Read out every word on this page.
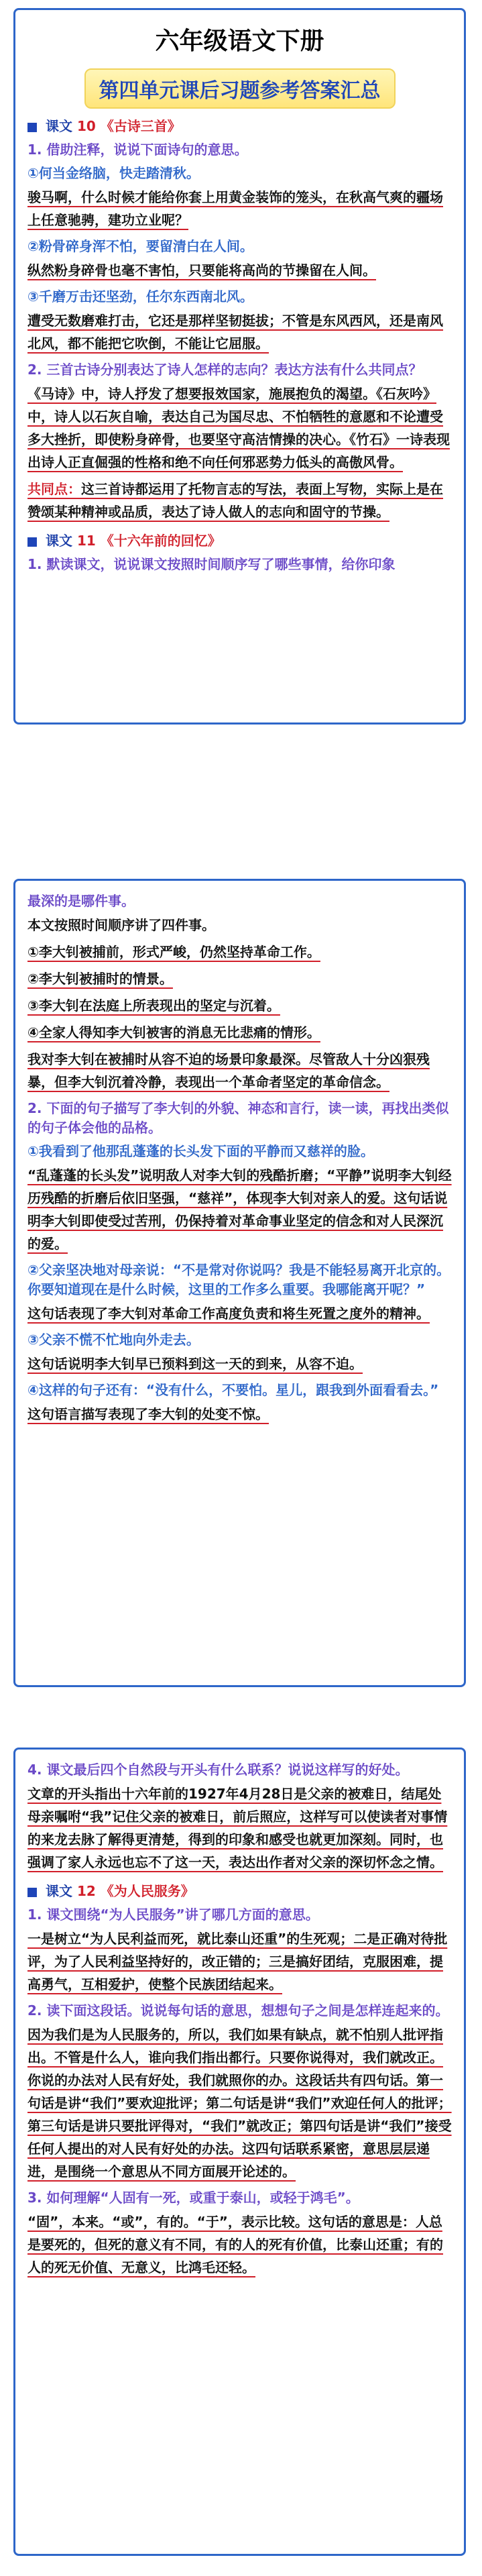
六年级语文下册
第四单元课后习题参考答案汇总
课文 10 《古诗三首》
1. 借助注释，说说下面诗句的意思。
①何当金络脑，快走踏清秋。
骏马啊，什么时候才能给你套上用黄金装饰的笼头，在秋高气爽的疆场上任意驰骋，建功立业呢？
②粉骨碎身浑不怕，要留清白在人间。
纵然粉身碎骨也毫不害怕，只要能将高尚的节操留在人间。
③千磨万击还坚劲，任尔东西南北风。
遭受无数磨难打击，它还是那样坚韧挺拔；不管是东风西风，还是南风北风，都不能把它吹倒，不能让它屈服。
2. 三首古诗分别表达了诗人怎样的志向？表达方法有什么共同点？
《马诗》中，诗人抒发了想要报效国家，施展抱负的渴望。《石灰吟》中，诗人以石灰自喻，表达自己为国尽忠、不怕牺牲的意愿和不论遭受多大挫折，即使粉身碎骨，也要坚守高洁情操的决心。《竹石》一诗表现出诗人正直倔强的性格和绝不向任何邪恶势力低头的高傲风骨。
共同点：这三首诗都运用了托物言志的写法，表面上写物，实际上是在赞颂某种精神或品质，表达了诗人做人的志向和固守的节操。
课文 11 《十六年前的回忆》
1. 默读课文，说说课文按照时间顺序写了哪些事情，给你印象
最深的是哪件事。
本文按照时间顺序讲了四件事。
①李大钊被捕前，形式严峻，仍然坚持革命工作。
②李大钊被捕时的情景。
③李大钊在法庭上所表现出的坚定与沉着。
④全家人得知李大钊被害的消息无比悲痛的情形。
我对李大钊在被捕时从容不迫的场景印象最深。尽管敌人十分凶狠残暴，但李大钊沉着冷静，表现出一个革命者坚定的革命信念。
2. 下面的句子描写了李大钊的外貌、神态和言行，读一读，再找出类似的句子体会他的品格。
①我看到了他那乱蓬蓬的长头发下面的平静而又慈祥的脸。
“乱蓬蓬的长头发”说明敌人对李大钊的残酷折磨；“平静”说明李大钊经历残酷的折磨后依旧坚强，“慈祥”，体现李大钊对亲人的爱。这句话说明李大钊即使受过苦刑，仍保持着对革命事业坚定的信念和对人民深沉的爱。
②父亲坚决地对母亲说：“不是常对你说吗？我是不能轻易离开北京的。你要知道现在是什么时候，这里的工作多么重要。我哪能离开呢？”
这句话表现了李大钊对革命工作高度负责和将生死置之度外的精神。
③父亲不慌不忙地向外走去。
这句话说明李大钊早已预料到这一天的到来，从容不迫。
④这样的句子还有：“没有什么，不要怕。星儿，跟我到外面看看去。”
这句语言描写表现了李大钊的处变不惊。
4. 课文最后四个自然段与开头有什么联系？说说这样写的好处。
文章的开头指出十六年前的1927年4月28日是父亲的被难日，结尾处母亲嘱咐“我”记住父亲的被难日，前后照应，这样写可以使读者对事情的来龙去脉了解得更清楚，得到的印象和感受也就更加深刻。同时，也强调了家人永远也忘不了这一天，表达出作者对父亲的深切怀念之情。
课文 12 《为人民服务》
1. 课文围绕“为人民服务”讲了哪几方面的意思。
一是树立“为人民利益而死，就比泰山还重”的生死观；二是正确对待批评，为了人民利益坚持好的，改正错的；三是搞好团结，克服困难，提高勇气，互相爱护，使整个民族团结起来。
2. 读下面这段话。说说每句话的意思，想想句子之间是怎样连起来的。
因为我们是为人民服务的，所以，我们如果有缺点，就不怕别人批评指出。不管是什么人，谁向我们指出都行。只要你说得对，我们就改正。你说的办法对人民有好处，我们就照你的办。这段话共有四句话。第一句话是讲“我们”要欢迎批评；第二句话是讲“我们”欢迎任何人的批评；第三句话是讲只要批评得对，“我们”就改正；第四句话是讲“我们”接受任何人提出的对人民有好处的办法。这四句话联系紧密，意思层层递进，是围绕一个意思从不同方面展开论述的。
3. 如何理解“人固有一死，或重于泰山，或轻于鸿毛”。
“固”，本来。“或”，有的。“于”，表示比较。这句话的意思是：人总是要死的，但死的意义有不同，有的人的死有价值，比泰山还重；有的人的死无价值、无意义，比鸿毛还轻。
